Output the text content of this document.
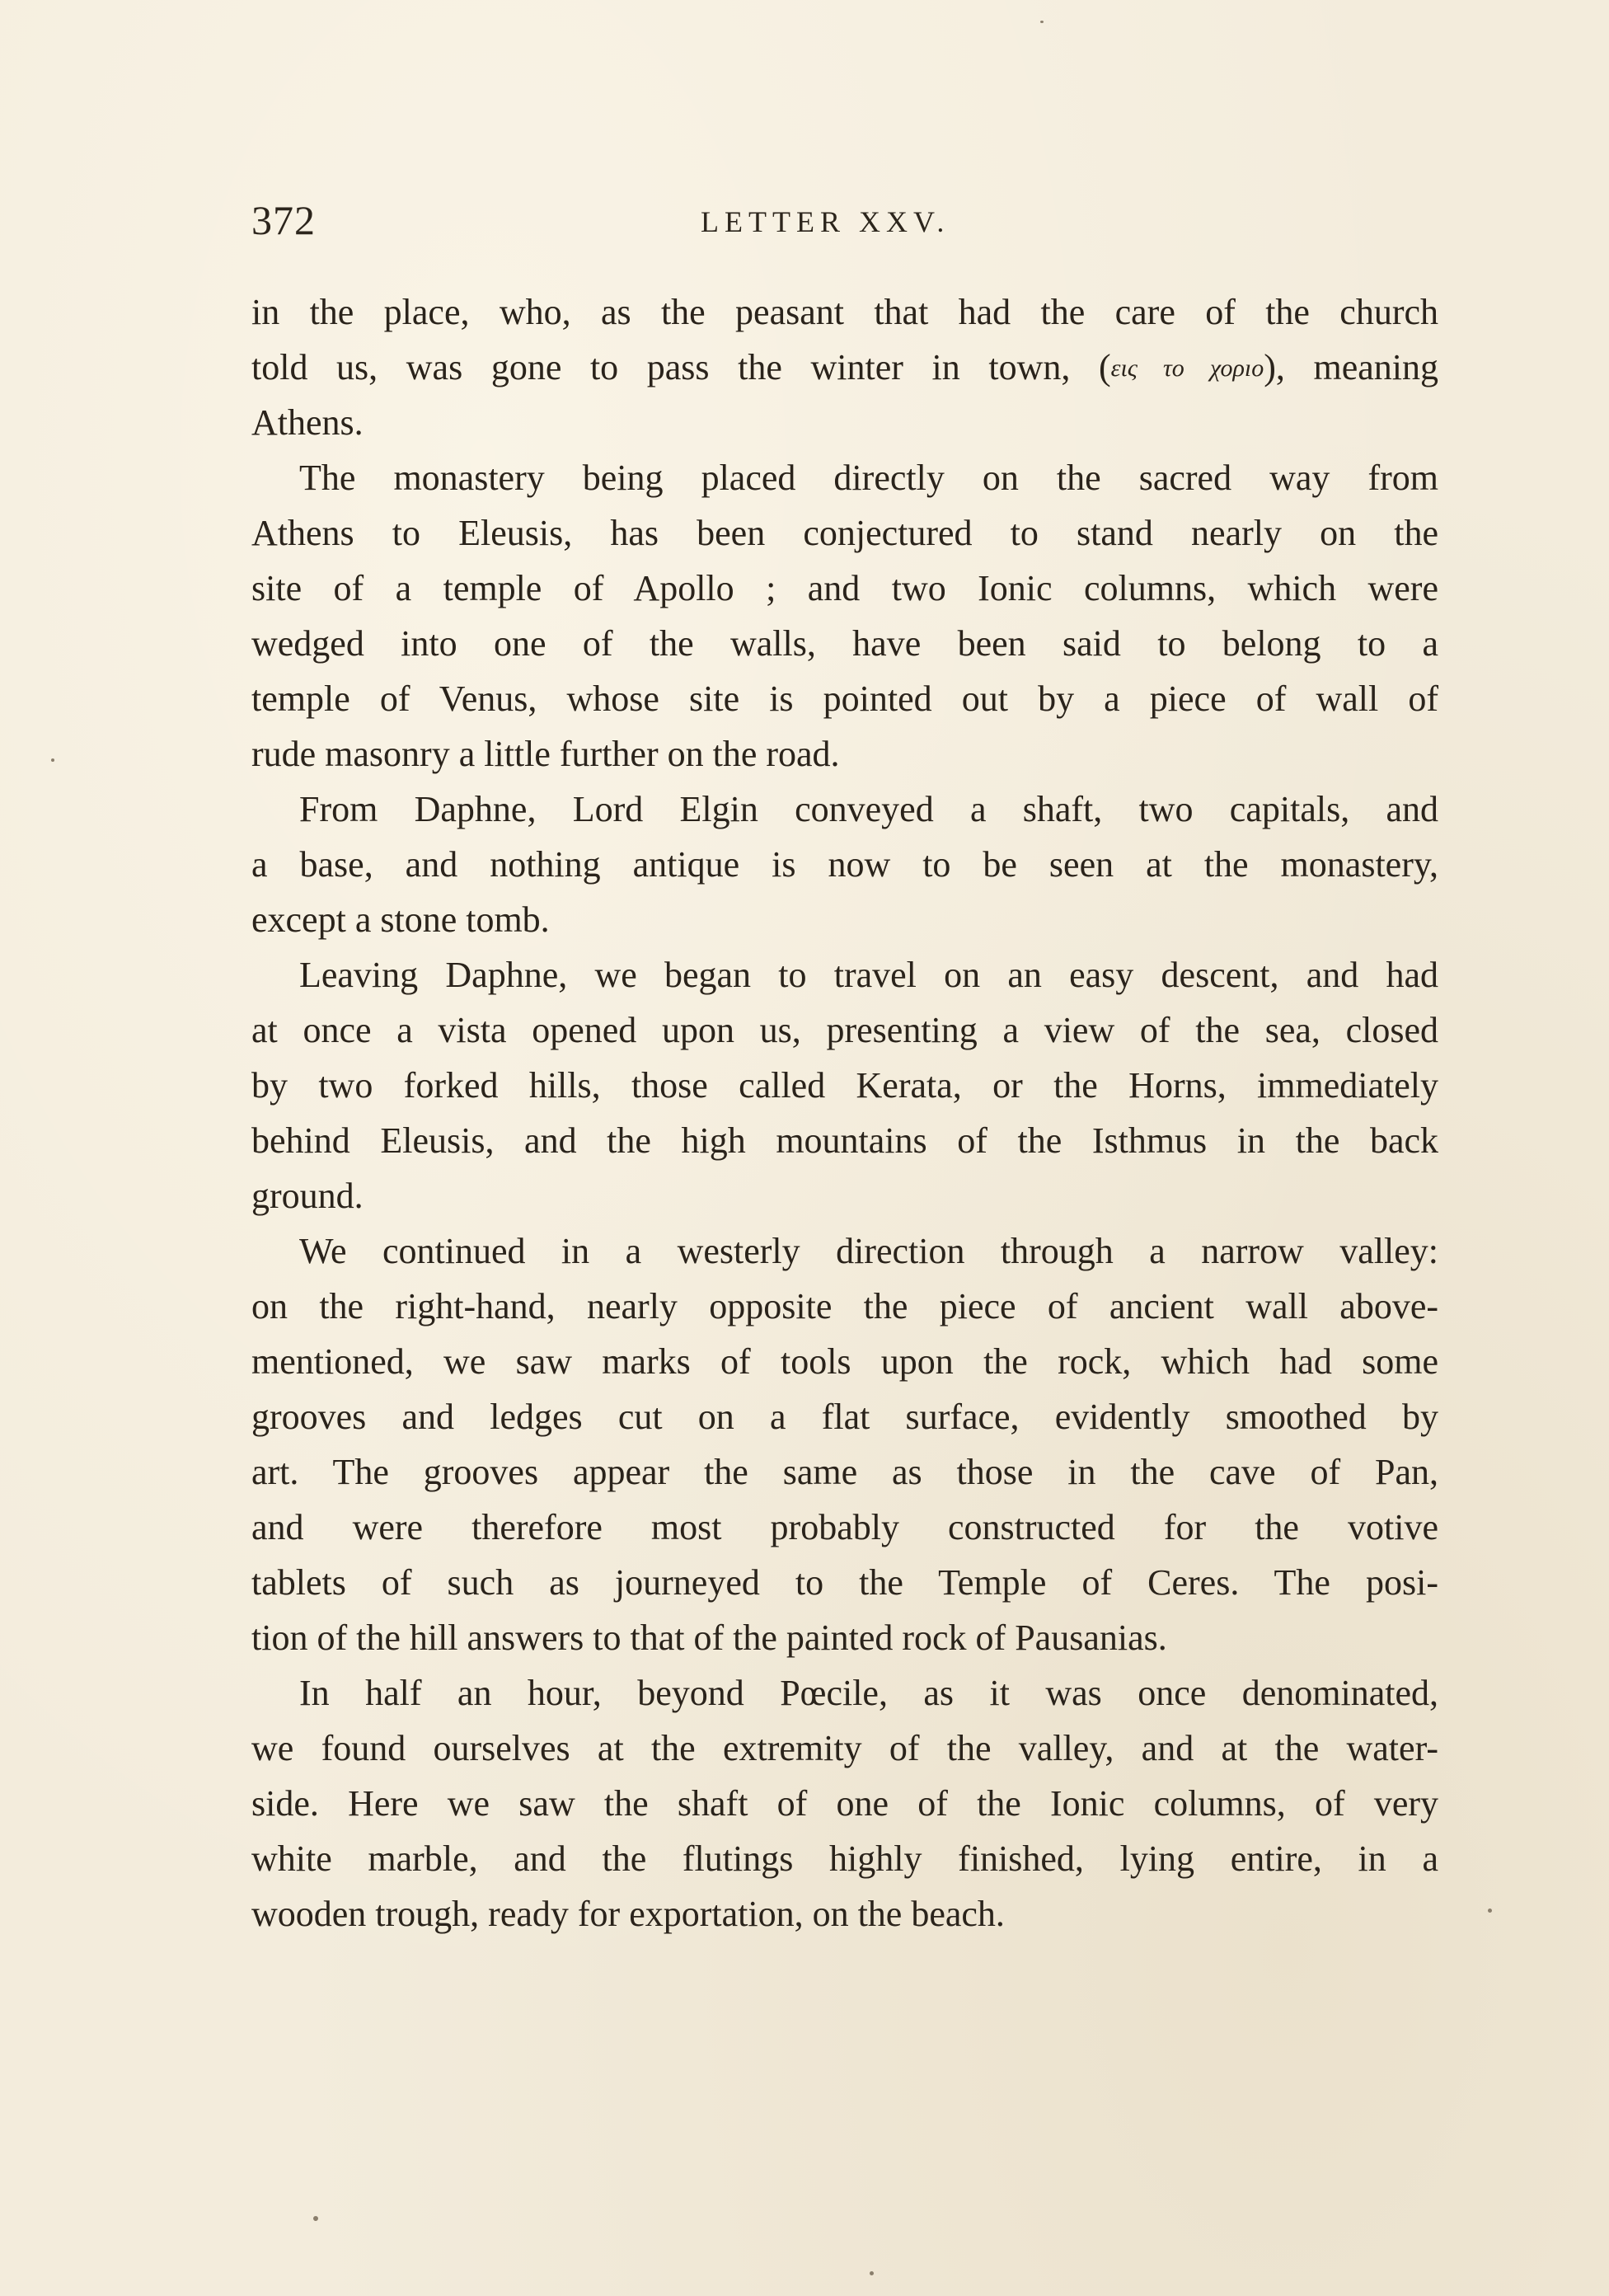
372	LETTER XXV.
in the place, who, as the peasant that had the care of the church
told us, was gone to pass the winter in town, (εις το χορıο), meaning
Athens.
The monastery being placed directly on the sacred way from
Athens to Eleusis, has been conjectured to stand nearly on the
site of a temple of Apollo ; and two Ionic columns, which were
wedged into one of the walls, have been said to belong to a
temple of Venus, whose site is pointed out by a piece of wall of
rude masonry a little further on the road.
From Daphne, Lord Elgin conveyed a shaft, two capitals, and
a base, and nothing antique is now to be seen at the monastery,
except a stone tomb.
Leaving Daphne, we began to travel on an easy descent, and had
at once a vista opened upon us, presenting a view of the sea, closed
by two forked hills, those called Kerata, or the Horns, immediately
behind Eleusis, and the high mountains of the Isthmus in the back
ground.
We continued in a westerly direction through a narrow valley:
on the right-hand, nearly opposite the piece of ancient wall above-
mentioned, we saw marks of tools upon the rock, which had some
grooves and ledges cut on a flat surface, evidently smoothed by
art. The grooves appear the same as those in the cave of Pan,
and were therefore most probably constructed for the votive
tablets of such as journeyed to the Temple of Ceres. The posi-
tion of the hill answers to that of the painted rock of Pausanias.
In half an hour, beyond Pœcile, as it was once denominated,
we found ourselves at the extremity of the valley, and at the water-
side. Here we saw the shaft of one of the Ionic columns, of very
white marble, and the flutings highly finished, lying entire, in a
wooden trough, ready for exportation, on the beach.
